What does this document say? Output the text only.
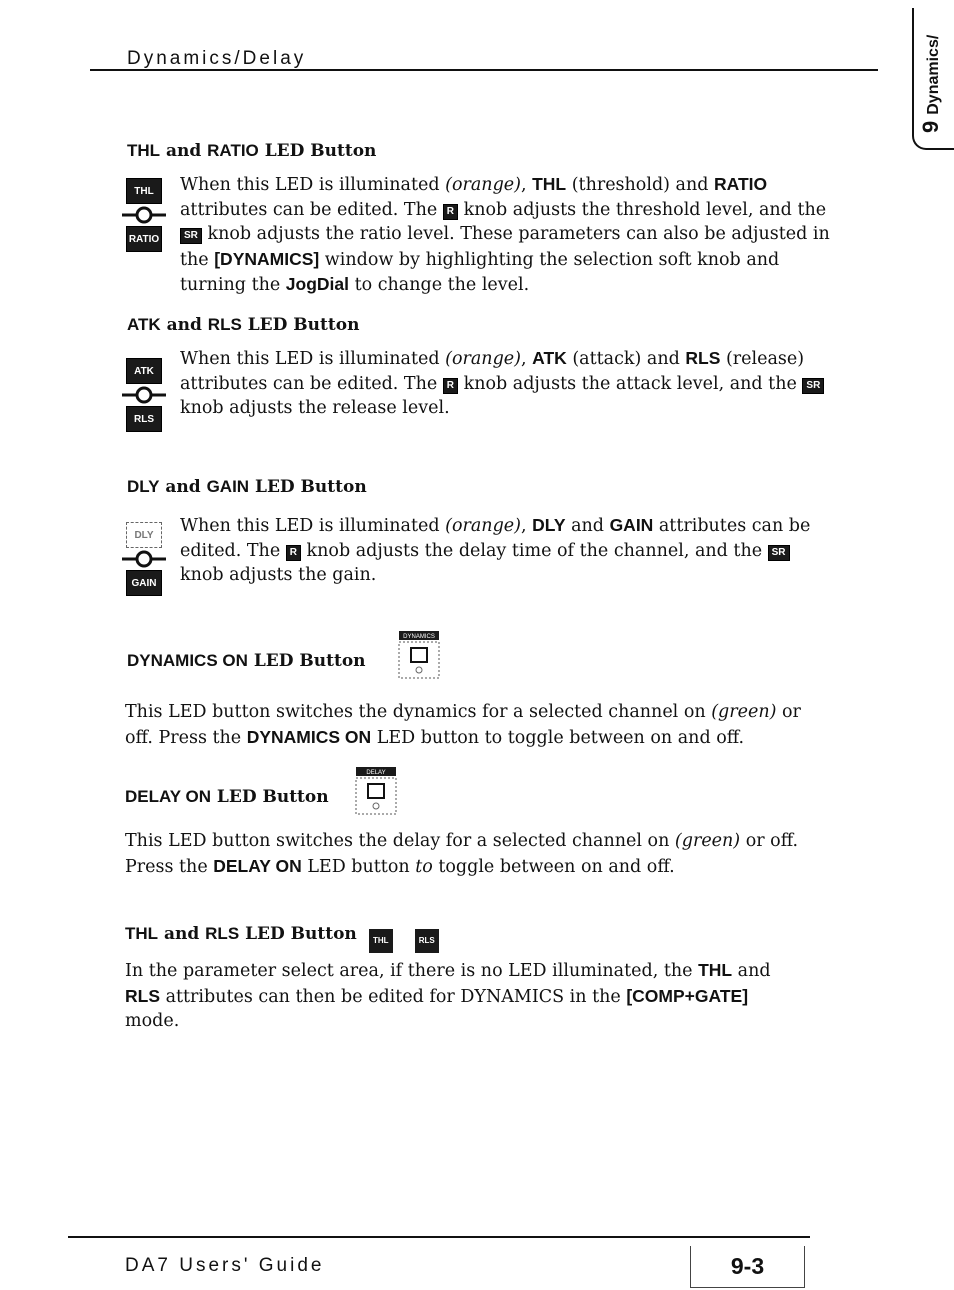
Dynamics/Delay
9Dynamics/
THL and RATIO LED Button
THL
RATIO
When this LED is illuminated (orange), THL (threshold) and RATIO attributes can be edited. The R knob adjusts the threshold level, and the SR knob adjusts the ratio level. These parameters can also be adjusted in the [DYNAMICS] window by highlighting the selection soft knob and turning the JogDial to change the level.
ATK and RLS LED Button
ATK
RLS
When this LED is illuminated (orange), ATK (attack) and RLS (release) attributes can be edited. The R knob adjusts the attack level, and the SR knob adjusts the release level.
DLY and GAIN LED Button
DLY
GAIN
When this LED is illuminated (orange), DLY and GAIN attributes can be edited. The R knob adjusts the delay time of the channel, and the SR knob adjusts the gain.
DYNAMICS ON LED Button
DYNAMICS
This LED button switches the dynamics for a selected channel on (green) or off. Press the DYNAMICS ON LED button to toggle between on and off.
DELAY ON LED Button
DELAY
This LED button switches the delay for a selected channel on (green) or off. Press the DELAY ON LED button to toggle between on and off.
THL and RLS LED Button THL	RLS
In the parameter select area, if there is no LED illuminated, the THL and RLS attributes can then be edited for DYNAMICS in the [COMP+GATE] mode.
DA7 Users' Guide	9-3
